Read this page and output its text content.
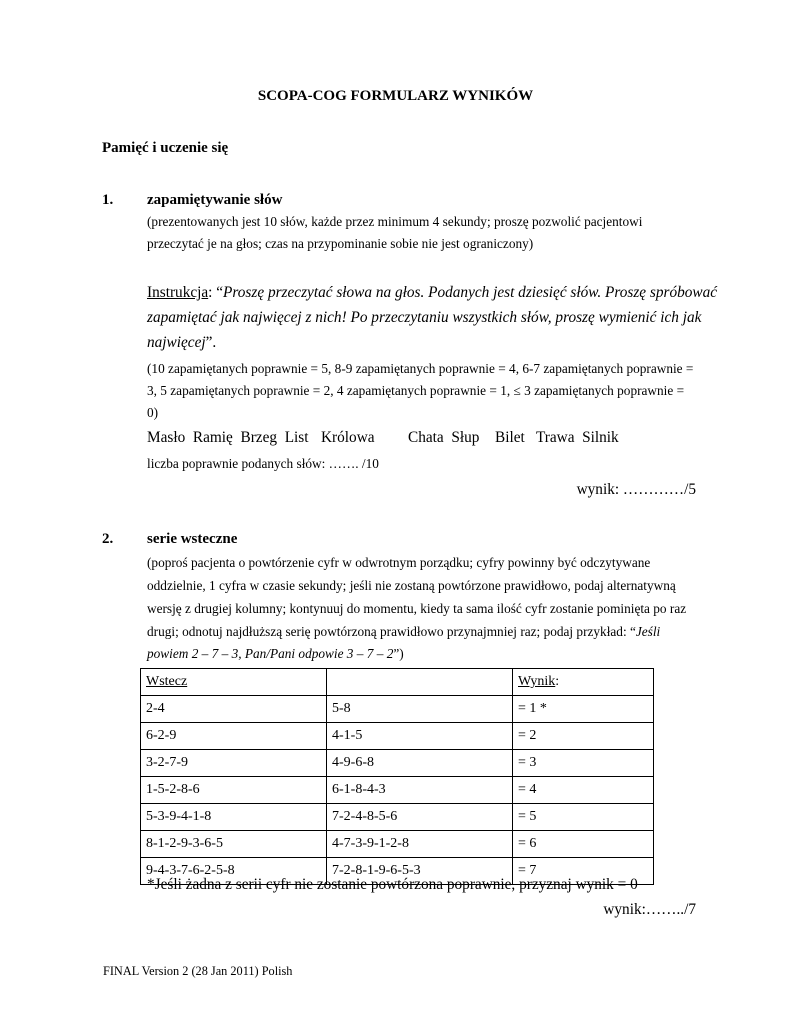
SCOPA-COG FORMULARZ WYNIKÓW
Pamięć i uczenie się
1. zapamiętywanie słów
(prezentowanych jest 10 słów, każde przez minimum 4 sekundy; proszę pozwolić pacjentowi
przeczytać je na głos; czas na przypominanie sobie nie jest ograniczony)
Instrukcja: “Proszę przeczytać słowa na głos. Podanych jest dziesięć słów. Proszę spróbować
zapamiętać jak najwięcej z nich! Po przeczytaniu wszystkich słów, proszę wymienić ich jak
najwięcej”.
(10 zapamiętanych poprawnie = 5, 8-9 zapamiętanych poprawnie = 4, 6-7 zapamiętanych poprawnie =
3, 5 zapamiętanych poprawnie = 2, 4 zapamiętanych poprawnie = 1, ≤ 3 zapamiętanych poprawnie =
0)
Masło Ramię Brzeg List Królowa Chata Słup Bilet Trawa Silnik
liczba poprawnie podanych słów: ……. /10
wynik: …………/5
2. serie wsteczne
(poproś pacjenta o powtórzenie cyfr w odwrotnym porządku; cyfry powinny być odczytywane
oddzielnie, 1 cyfra w czasie sekundy; jeśli nie zostaną powtórzone prawidłowo, podaj alternatywną
wersję z drugiej kolumny; kontynuuj do momentu, kiedy ta sama ilość cyfr zostanie pominięta po raz
drugi; odnotuj najdłuższą serię powtórzoną prawidłowo przynajmniej raz; podaj przykład: “Jeśli
powiem 2 – 7 – 3, Pan/Pani odpowie 3 – 7 – 2”)
Wstecz		Wynik:
2-4	5-8	= 1 *
6-2-9	4-1-5	= 2
3-2-7-9	4-9-6-8	= 3
1-5-2-8-6	6-1-8-4-3	= 4
5-3-9-4-1-8	7-2-4-8-5-6	= 5
8-1-2-9-3-6-5	4-7-3-9-1-2-8	= 6
9-4-3-7-6-2-5-8	7-2-8-1-9-6-5-3	= 7
*Jeśli żadna z serii cyfr nie zostanie powtórzona poprawnie, przyznaj wynik = 0
wynik:……../7
FINAL Version 2 (28 Jan 2011) Polish
